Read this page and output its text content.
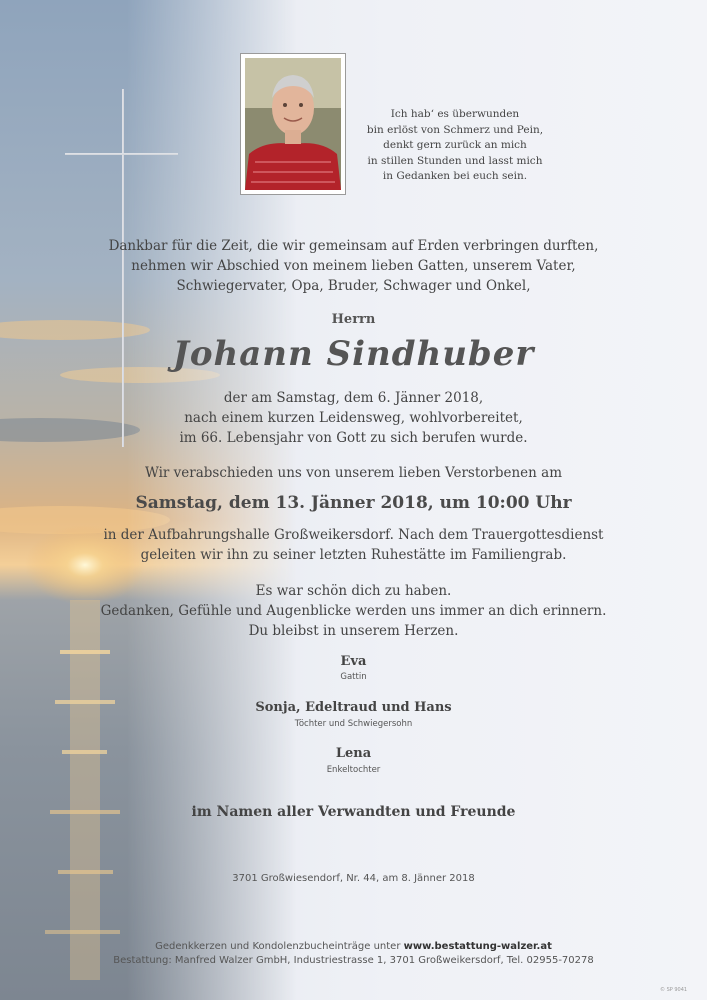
Ich hab‘ es überwunden
bin erlöst von Schmerz und Pein,
denkt gern zurück an mich
in stillen Stunden und lasst mich
in Gedanken bei euch sein.
Dankbar für die Zeit, die wir gemeinsam auf Erden verbringen durften,
nehmen wir Abschied von meinem lieben Gatten, unserem Vater,
Schwiegervater, Opa, Bruder, Schwager und Onkel,
Herrn
Johann Sindhuber
der am Samstag, dem 6. Jänner 2018,
nach einem kurzen Leidensweg, wohlvorbereitet,
im 66. Lebensjahr von Gott zu sich berufen wurde.
Wir verabschieden uns von unserem lieben Verstorbenen am
Samstag, dem 13. Jänner 2018, um 10:00 Uhr
in der Aufbahrungshalle Großweikersdorf. Nach dem Trauergottesdienst
geleiten wir ihn zu seiner letzten Ruhestätte im Familiengrab.
Es war schön dich zu haben.
Gedanken, Gefühle und Augenblicke werden uns immer an dich erinnern.
Du bleibst in unserem Herzen.
Eva
Gattin
Sonja, Edeltraud und Hans
Töchter und Schwiegersohn
Lena
Enkeltochter
im Namen aller Verwandten und Freunde
3701 Großwiesendorf, Nr. 44, am 8. Jänner 2018
Gedenkkerzen und Kondolenzbucheinträge unter www.bestattung-walzer.at
Bestattung: Manfred Walzer GmbH, Industriestrasse 1, 3701 Großweikersdorf, Tel. 02955-70278
© SP 9041
